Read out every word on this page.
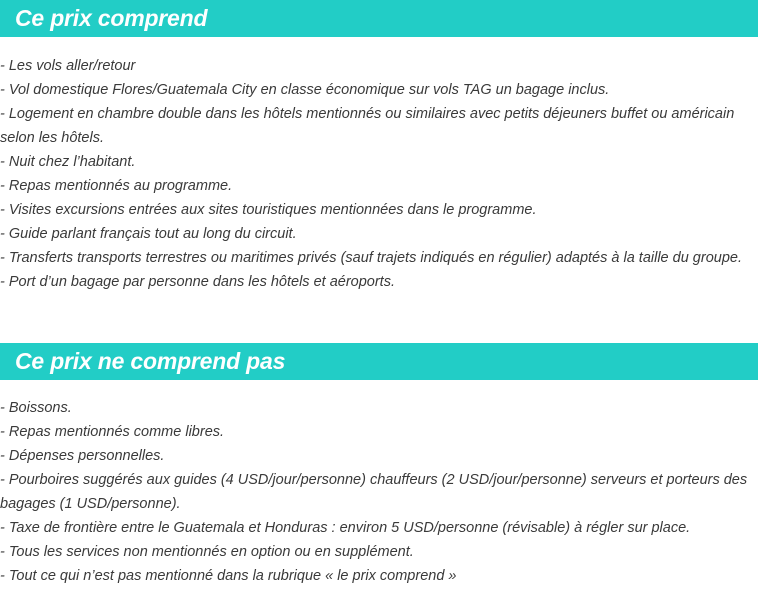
Ce prix comprend
- Les vols aller/retour
- Vol domestique Flores/Guatemala City en classe économique sur vols TAG un bagage inclus.
- Logement en chambre double dans les hôtels mentionnés ou similaires avec petits déjeuners buffet ou américain selon les hôtels.
- Nuit chez l’habitant.
- Repas mentionnés au programme.
- Visites excursions entrées aux sites touristiques mentionnées dans le programme.
- Guide parlant français tout au long du circuit.
- Transferts transports terrestres ou maritimes privés (sauf trajets indiqués en régulier) adaptés à la taille du groupe.
- Port d’un bagage par personne dans les hôtels et aéroports.
Ce prix ne comprend pas
- Boissons.
- Repas mentionnés comme libres.
- Dépenses personnelles.
- Pourboires suggérés aux guides (4 USD/jour/personne) chauffeurs (2 USD/jour/personne) serveurs et porteurs des bagages (1 USD/personne).
- Taxe de frontière entre le Guatemala et Honduras : environ 5 USD/personne (révisable) à régler sur place.
- Tous les services non mentionnés en option ou en supplément.
- Tout ce qui n’est pas mentionné dans la rubrique « le prix comprend »
